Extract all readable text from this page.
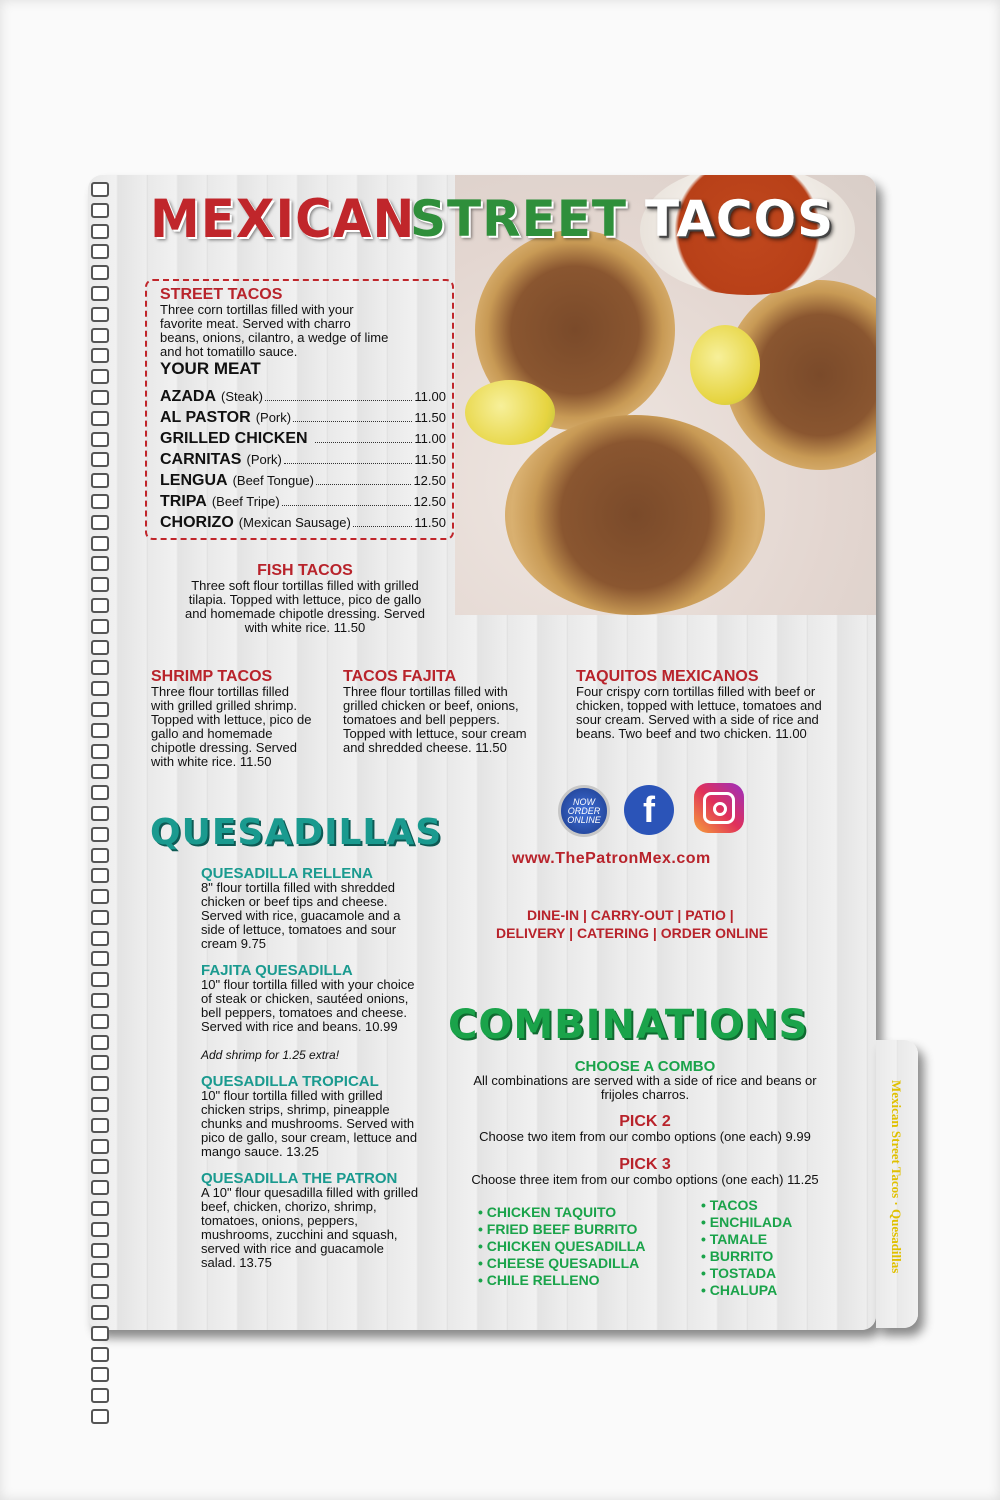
Mexican Street Tacos · Quesadillas
MEXICAN
STREET TACOS
STREET TACOS
Three corn tortillas filled with your
favorite meat. Served with charro
beans, onions, cilantro, a wedge of lime
and hot tomatillo sauce.
YOUR MEAT
AZADA (Steak)	11.00
AL PASTOR (Pork)	11.50
GRILLED CHICKEN	11.00
CARNITAS (Pork)	11.50
LENGUA (Beef Tongue)	12.50
TRIPA (Beef Tripe)	12.50
CHORIZO (Mexican Sausage)	11.50
FISH TACOS
Three soft flour tortillas filled with grilled
tilapia. Topped with lettuce, pico de gallo
and homemade chipotle dressing. Served
with white rice. 11.50
SHRIMP TACOS
Three flour tortillas filled
with grilled grilled shrimp.
Topped with lettuce, pico de
gallo and homemade
chipotle dressing. Served
with white rice. 11.50
TACOS FAJITA
Three flour tortillas filled with
grilled chicken or beef, onions,
tomatoes and bell peppers.
Topped with lettuce, sour cream
and shredded cheese. 11.50
TAQUITOS MEXICANOS
Four crispy corn tortillas filled with beef or
chicken, topped with lettuce, tomatoes and
sour cream. Served with a side of rice and
beans. Two beef and two chicken. 11.00
QUESADILLAS
QUESADILLA RELLENA
8" flour tortilla filled with shredded
chicken or beef tips and cheese.
Served with rice, guacamole and a
side of lettuce, tomatoes and sour
cream 9.75
FAJITA QUESADILLA
10" flour tortilla filled with your choice
of steak or chicken, sautéed onions,
bell peppers, tomatoes and cheese.
Served with rice and beans. 10.99
Add shrimp for 1.25 extra!
QUESADILLA TROPICAL
10" flour tortilla filled with grilled
chicken strips, shrimp, pineapple
chunks and mushrooms. Served with
pico de gallo, sour cream, lettuce and
mango sauce. 13.25
QUESADILLA THE PATRON
A 10" flour quesadilla filled with grilled
beef, chicken, chorizo, shrimp,
tomatoes, onions, peppers,
mushrooms, zucchini and squash,
served with rice and guacamole
salad. 13.75
NOW ORDER ONLINE f
www.ThePatronMex.com
DINE-IN | CARRY-OUT | PATIO |
DELIVERY | CATERING | ORDER ONLINE
COMBINATIONS
CHOOSE A COMBO
All combinations are served with a side of rice and beans or
frijoles charros.
PICK 2
Choose two item from our combo options (one each) 9.99
PICK 3
Choose three item from our combo options (one each) 11.25
• CHICKEN TAQUITO
• FRIED BEEF BURRITO
• CHICKEN QUESADILLA
• CHEESE QUESADILLA
• CHILE RELLENO
• TACOS
• ENCHILADA
• TAMALE
• BURRITO
• TOSTADA
• CHALUPA
